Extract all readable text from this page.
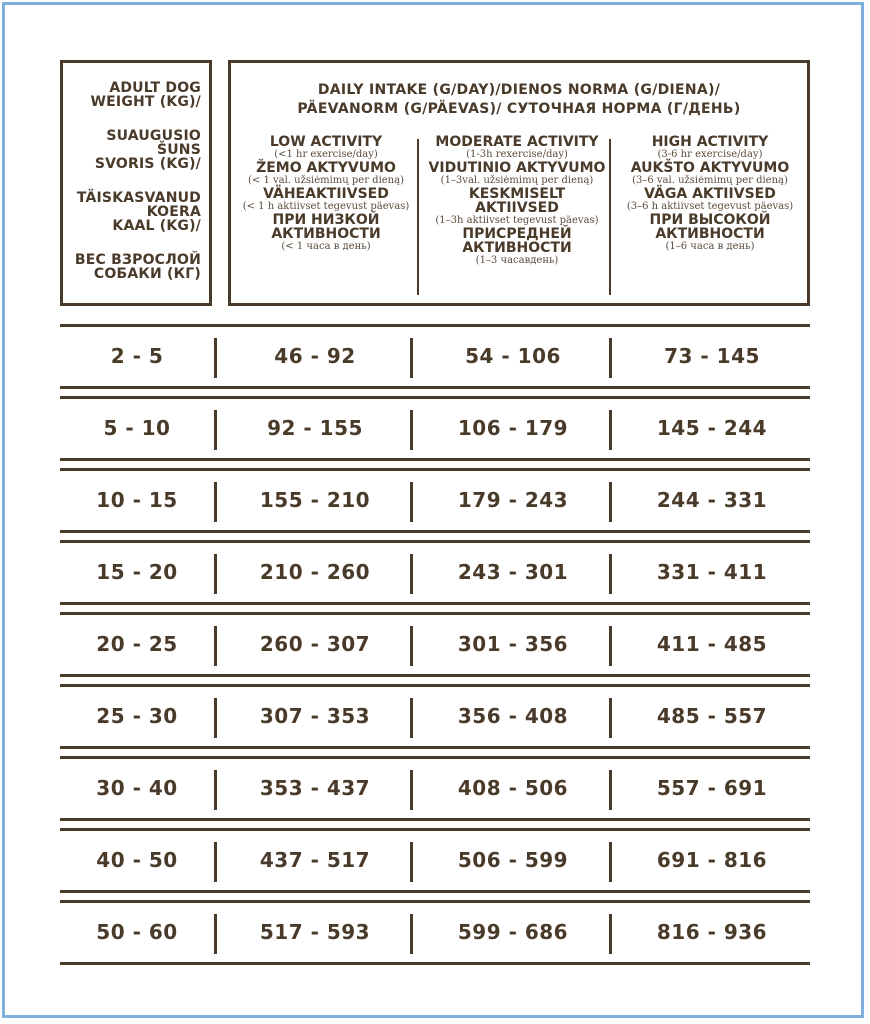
ADULT DOG
WEIGHT (KG)/
SUAUGUSIO
ŠUNS
SVORIS (KG)/
TÄISKASVANUD
KOERA
KAAL (KG)/
ВЕС ВЗРОСЛОЙ
СОБАКИ (КГ)
DAILY INTAKE (G/DAY)/DIENOS NORMA (G/DIENA)/
PÄEVANORM (G/PÄEVAS)/ СУТОЧНАЯ НОРМА (Г/ДЕНЬ)
LOW ACTIVITY
(<1 hr exercise/day)
ŽEMO AKTYVUMO
(< 1 val. užsiėmimų per dieną)
VÄHEAKTIIVSED
(< 1 h aktiivset tegevust päevas)
ПРИ НИЗКОЙ
АКТИВНОСТИ
(< 1 часа в день)
MODERATE ACTIVITY
(1-3h rexercise/day)
VIDUTINIO AKTYVUMO
(1–3val. užsiėmimų per dieną)
KESKMISELT
AKTIIVSED
(1–3h aktiivset tegevust päevas)
ПРИСРЕДНЕЙ
АКТИВНОСТИ
(1–3 часавдень)
HIGH ACTIVITY
(3-6 hr exercise/day)
AUKŠTO AKTYVUMO
(3–6 val. užsiėmimų per dieną)
VÄGA AKTIIVSED
(3–6 h aktiivset tegevust päevas)
ПРИ ВЫСОКОЙ
АКТИВНОСТИ
(1–6 часа в день)
2 - 5	46 - 92	54 - 106	73 - 145
5 - 10	92 - 155	106 - 179	145 - 244
10 - 15	155 - 210	179 - 243	244 - 331
15 - 20	210 - 260	243 - 301	331 - 411
20 - 25	260 - 307	301 - 356	411 - 485
25 - 30	307 - 353	356 - 408	485 - 557
30 - 40	353 - 437	408 - 506	557 - 691
40 - 50	437 - 517	506 - 599	691 - 816
50 - 60	517 - 593	599 - 686	816 - 936
